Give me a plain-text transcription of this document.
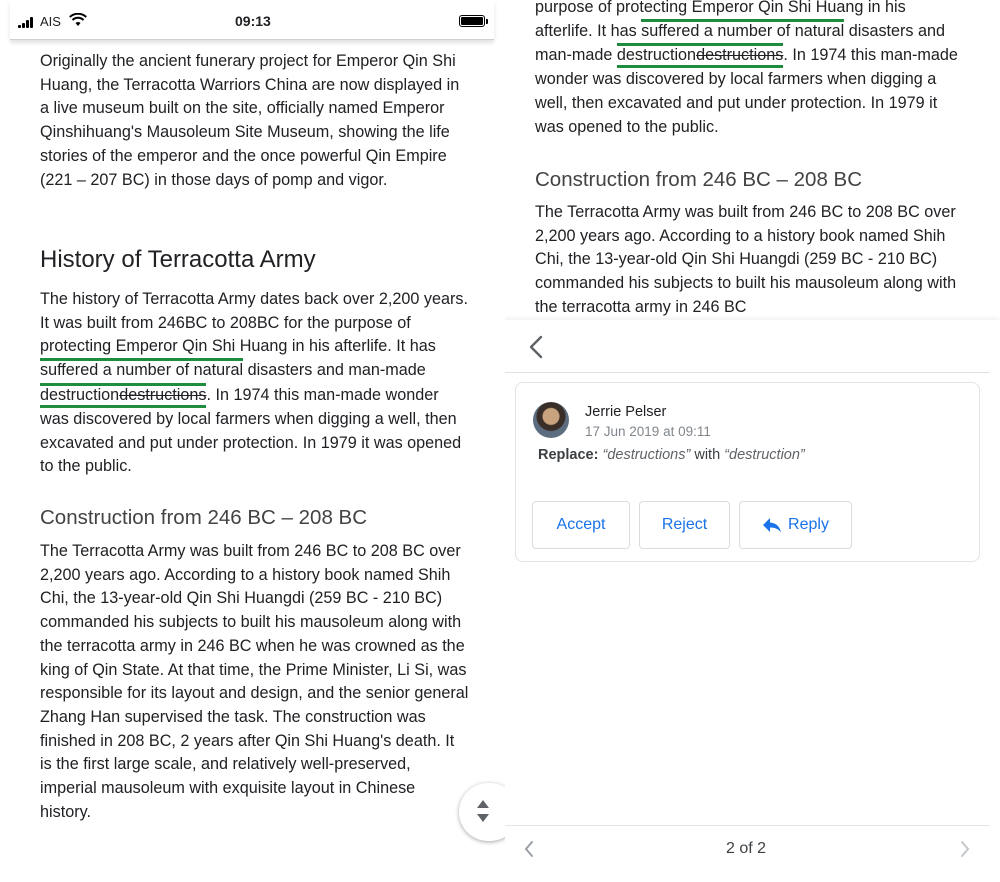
AIS	09:13

Originally the ancient funerary project for Emperor Qin Shi Huang, the Terracotta Warriors China are now displayed in a live museum built on the site, officially named Emperor Qinshihuang's Mausoleum Site Museum, showing the life stories of the emperor and the once powerful Qin Empire (221 – 207 BC) in those days of pomp and vigor.

History of Terracotta Army

The history of Terracotta Army dates back over 2,200 years. It was built from 246BC to 208BC for the purpose of protecting Emperor Qin Shi Huang in his afterlife. It has suffered a number of natural disasters and man-made destructiondestructions. In 1974 this man-made wonder was discovered by local farmers when digging a well, then excavated and put under protection. In 1979 it was opened to the public.

Construction from 246 BC – 208 BC

The Terracotta Army was built from 246 BC to 208 BC over 2,200 years ago. According to a history book named Shih Chi, the 13-year-old Qin Shi Huangdi (259 BC - 210 BC) commanded his subjects to built his mausoleum along with the terracotta army in 246 BC when he was crowned as the king of Qin State. At that time, the Prime Minister, Li Si, was responsible for its layout and design, and the senior general Zhang Han supervised the task. The construction was finished in 208 BC, 2 years after Qin Shi Huang's death. It is the first large scale, and relatively well-preserved, imperial mausoleum with exquisite layout in Chinese history.

purpose of protecting Emperor Qin Shi Huang in his
afterlife. It has suffered a number of natural disasters and man-made destructiondestructions. In 1974 this man-made wonder was discovered by local farmers when digging a well, then excavated and put under protection. In 1979 it was opened to the public.

Construction from 246 BC – 208 BC

The Terracotta Army was built from 246 BC to 208 BC over 2,200 years ago. According to a history book named Shih Chi, the 13-year-old Qin Shi Huangdi (259 BC - 210 BC) commanded his subjects to built his mausoleum along with the terracotta army in 246 BC

Jerrie Pelser
17 Jun 2019 at 09:11
Replace: “destructions” with “destruction”
Accept	Reject	Reply
2 of 2
